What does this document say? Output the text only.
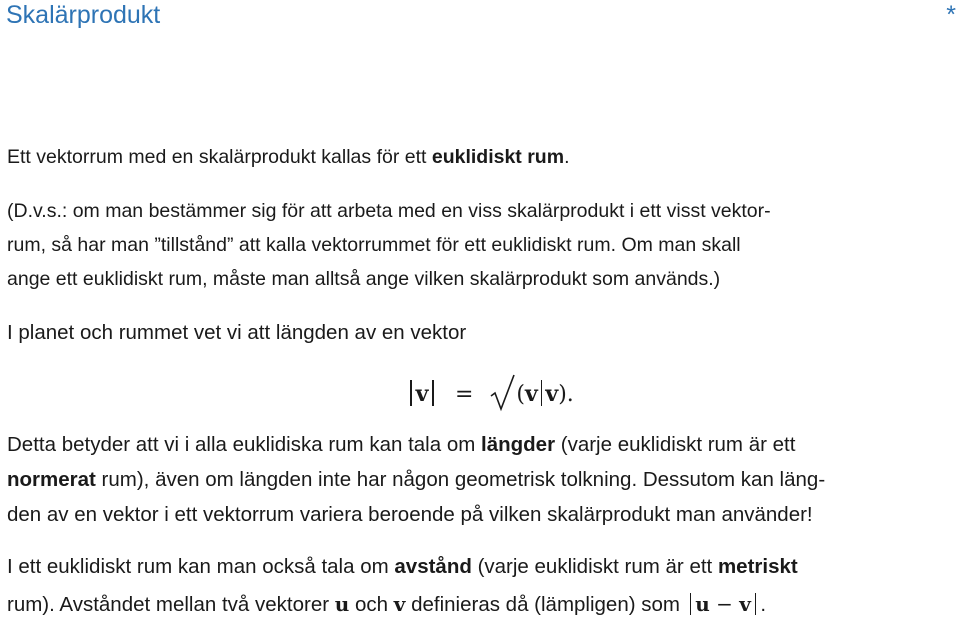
Skalärprodukt	*

Ett vektorrum med en skalärprodukt kallas för ett euklidiskt rum.

(D.v.s.: om man bestämmer sig för att arbeta med en viss skalärprodukt i ett visst vektor-

rum, så har man ”tillstånd” att kalla vektorrummet för ett euklidiskt rum. Om man skall

ange ett euklidiskt rum, måste man alltså ange vilken skalärprodukt som används.)

I planet och rummet vet vi att längden av en vektor

v = (v v).

Detta betyder att vi i alla euklidiska rum kan tala om längder (varje euklidiskt rum är ett

normerat rum), även om längden inte har någon geometrisk tolkning. Dessutom kan läng-

den av en vektor i ett vektorrum variera beroende på vilken skalärprodukt man använder!

I ett euklidiskt rum kan man också tala om avstånd (varje euklidiskt rum är ett metriskt

rum). Avståndet mellan två vektorer u och v definieras då (lämpligen) som u − v .
